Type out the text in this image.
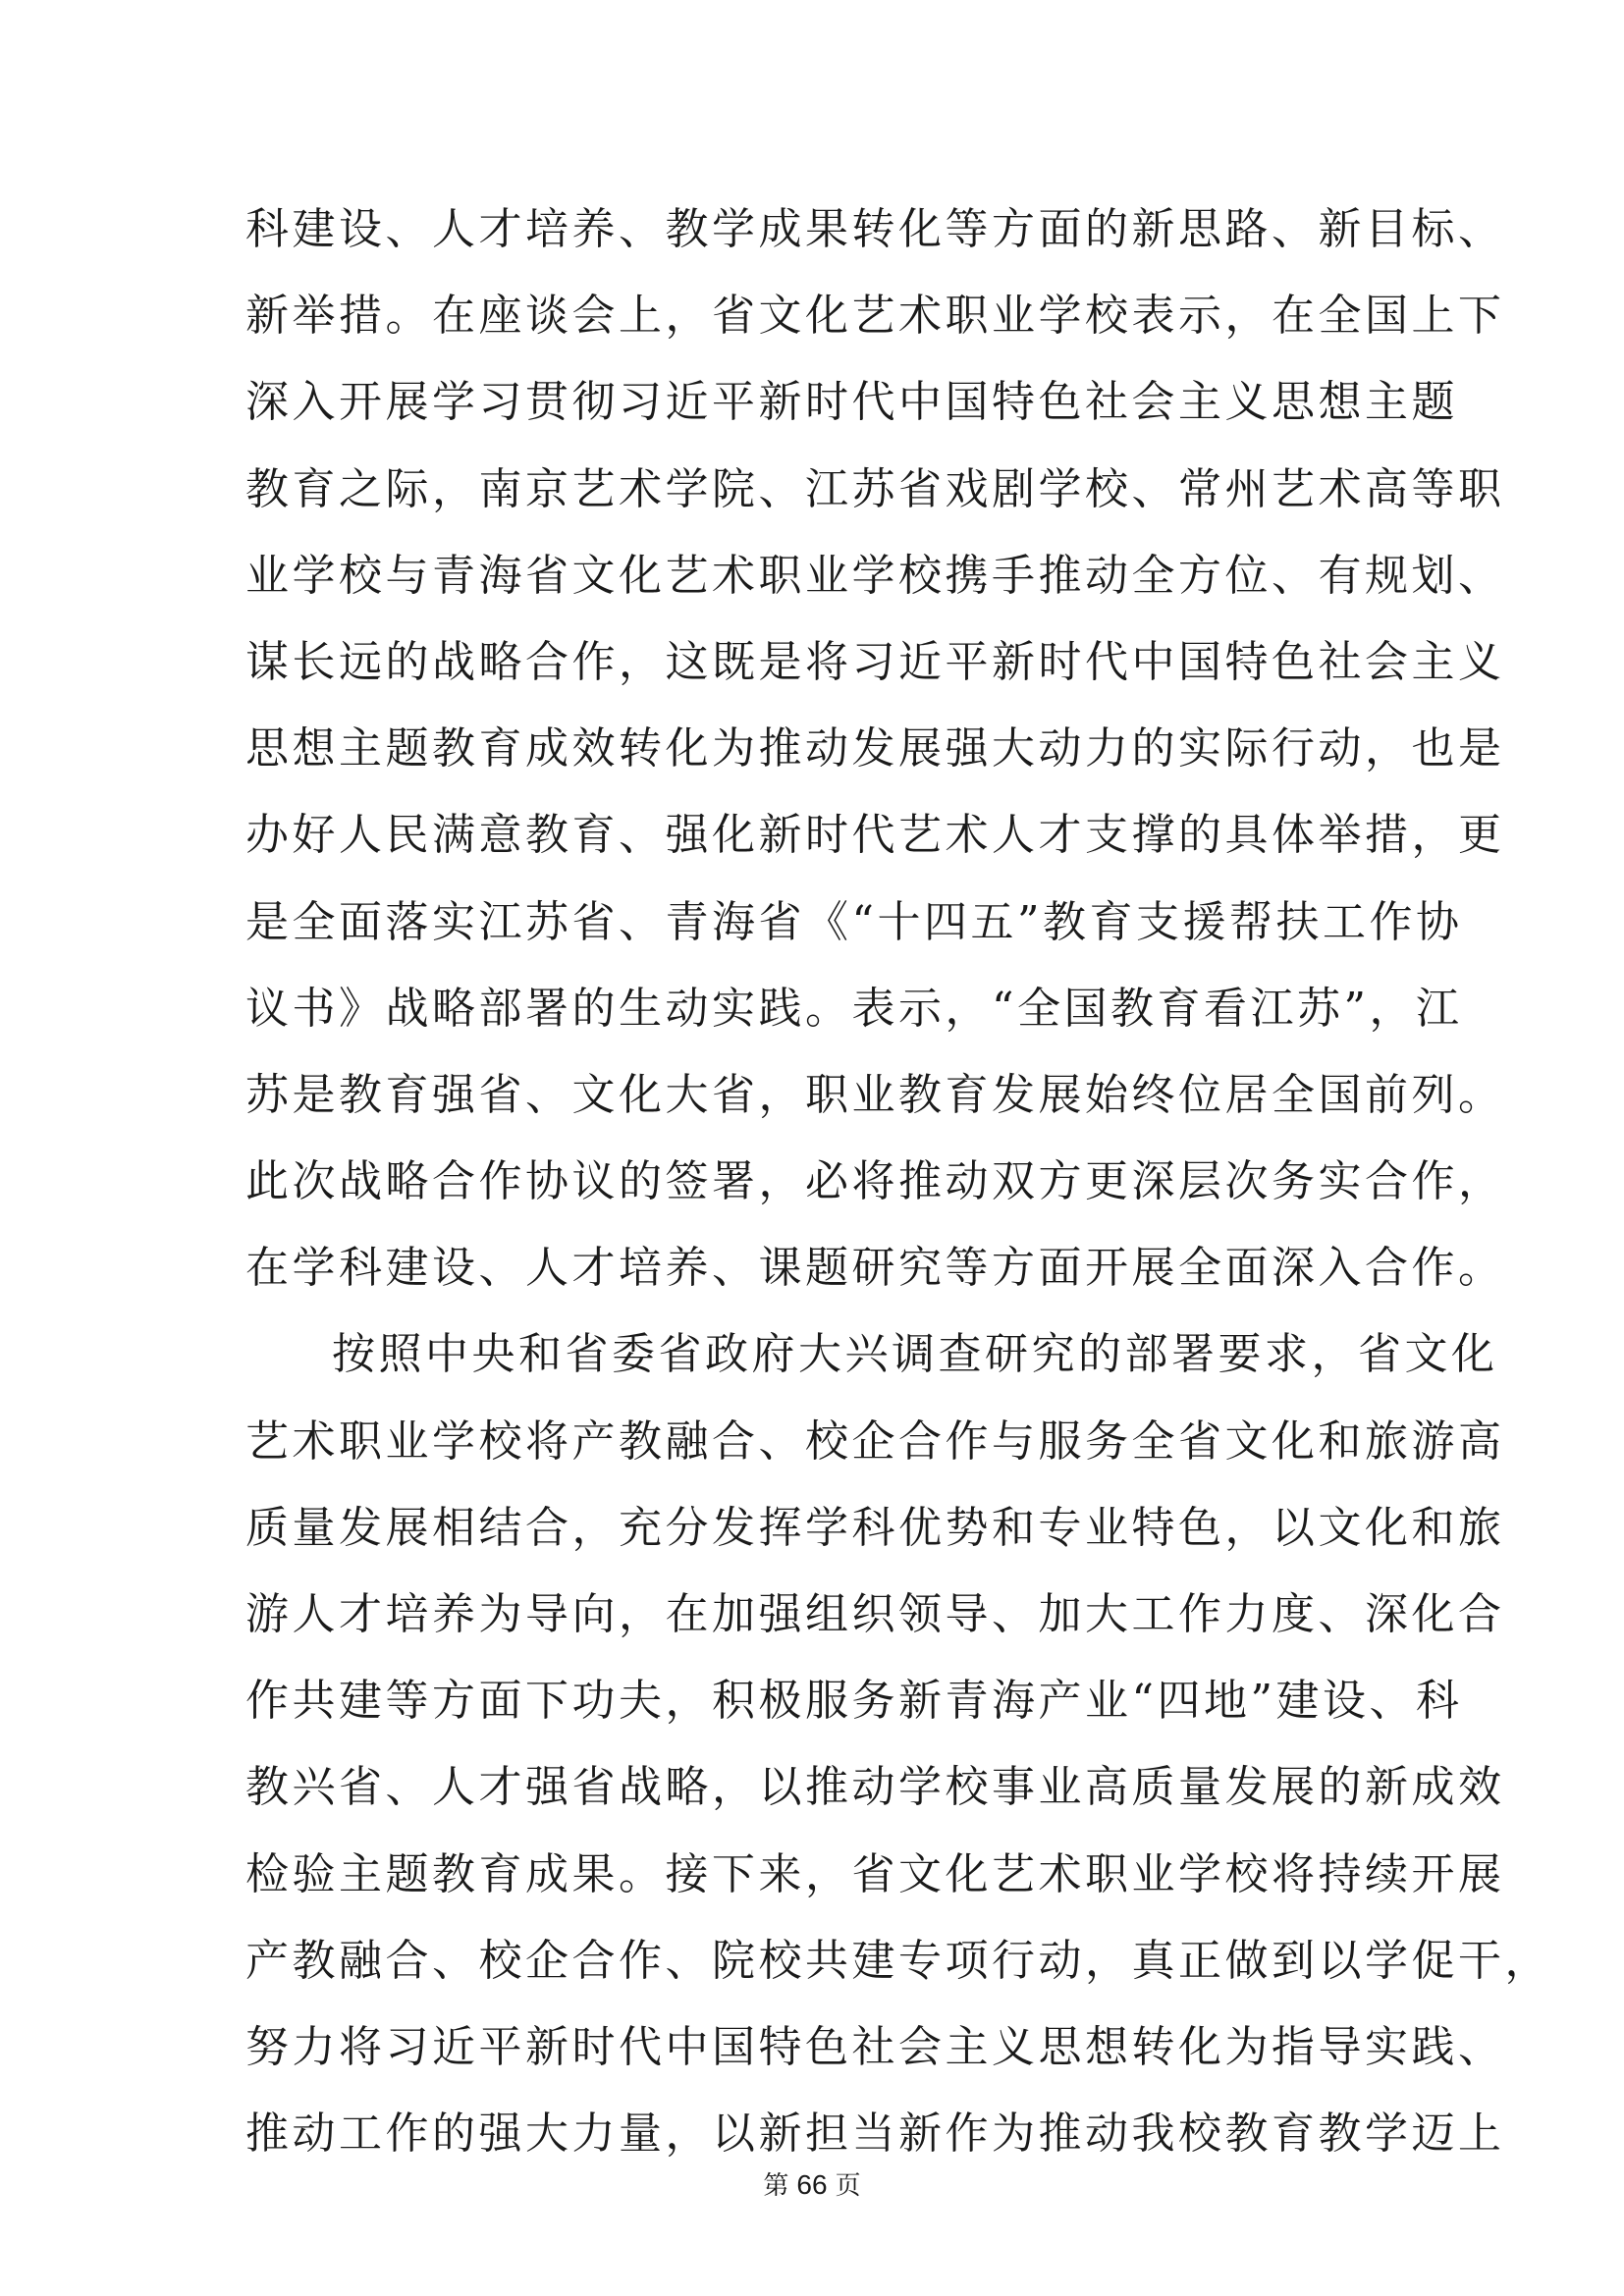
科建设、人才培养、教学成果转化等方面的新思路、新目标、
新举措。在座谈会上，省文化艺术职业学校表示，在全国上下
深入开展学习贯彻习近平新时代中国特色社会主义思想主题
教育之际，南京艺术学院、江苏省戏剧学校、常州艺术高等职
业学校与青海省文化艺术职业学校携手推动全方位、有规划、
谋长远的战略合作，这既是将习近平新时代中国特色社会主义
思想主题教育成效转化为推动发展强大动力的实际行动，也是
办好人民满意教育、强化新时代艺术人才支撑的具体举措，更
是全面落实江苏省、青海省《“十四五”教育支援帮扶工作协
议书》战略部署的生动实践。表示，“全国教育看江苏”，江
苏是教育强省、文化大省，职业教育发展始终位居全国前列。
此次战略合作协议的签署，必将推动双方更深层次务实合作，
在学科建设、人才培养、课题研究等方面开展全面深入合作。
按照中央和省委省政府大兴调查研究的部署要求，省文化
艺术职业学校将产教融合、校企合作与服务全省文化和旅游高
质量发展相结合，充分发挥学科优势和专业特色，以文化和旅
游人才培养为导向，在加强组织领导、加大工作力度、深化合
作共建等方面下功夫，积极服务新青海产业“四地”建设、科
教兴省、人才强省战略，以推动学校事业高质量发展的新成效
检验主题教育成果。接下来，省文化艺术职业学校将持续开展
产教融合、校企合作、院校共建专项行动，真正做到以学促干，
努力将习近平新时代中国特色社会主义思想转化为指导实践、
推动工作的强大力量，以新担当新作为推动我校教育教学迈上
第 66 页
